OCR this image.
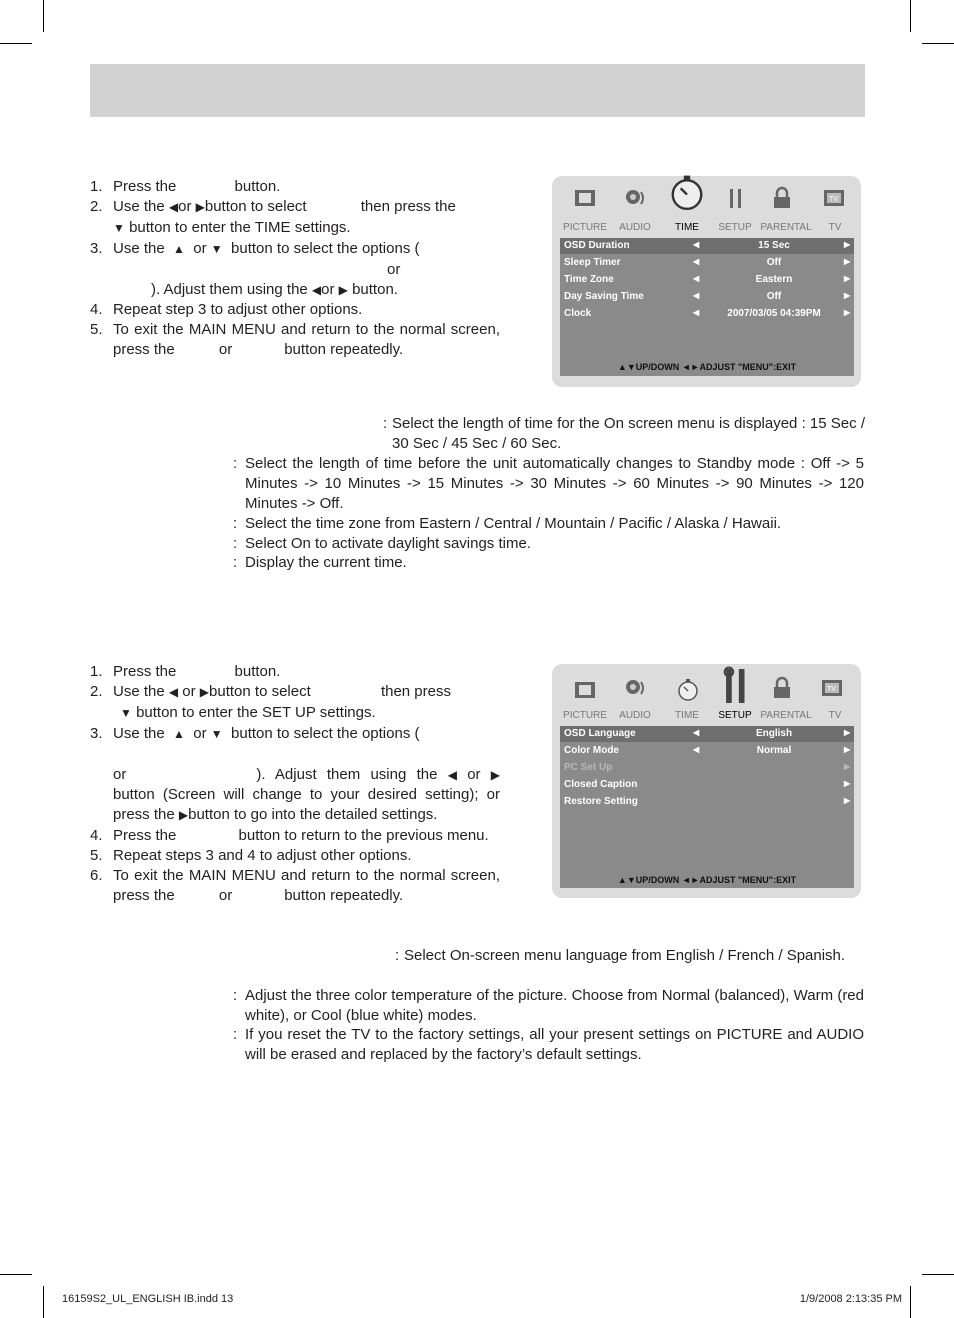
1. Press the	button.
2. Use the ◀or ▶button to select	then press the
▼ button to enter the TIME settings.
3. Use the  ▲ or ▼ button to select the options (
or
). Adjust them using the ◀or ▶ button.
4. Repeat step 3 to adjust other options.
5. To exit the MAIN MENU and return to the normal screen, press the	or	button repeatedly.
TV
PICTURE AUDIO TIME SETUP PARENTAL TV
OSD Duration	◀	15 Sec	▶
Sleep Timer	◀	Off	▶
Time Zone	◀	Eastern	▶
Day Saving Time	◀	Off	▶
Clock	◀	2007/03/05 04:39PM	▶
▲▼UP/DOWN ◄►ADJUST "MENU":EXIT
: Select the length of time for the On screen menu is displayed : 15 Sec / 30 Sec / 45 Sec / 60 Sec.
: Select the length of time before the unit automatically changes to Standby mode : Off -> 5 Minutes -> 10 Minutes -> 15 Minutes -> 30 Minutes -> 60 Minutes -> 90 Minutes -> 120 Minutes -> Off.
: Select the time zone from Eastern / Central / Mountain / Pacific / Alaska / Hawaii.
: Select On to activate daylight savings time.
: Display the current time.
1. Press the	button.
2. Use the ◀ or ▶button to select	then press
▼ button to enter the SET UP settings.
3. Use the  ▲ or ▼ button to select the options (

or	). Adjust them using the ◀ or ▶ button (Screen will change to your desired setting); or press the ▶button to go into the detailed settings.
4. Press the	button to return to the previous menu.
5. Repeat steps 3 and 4 to adjust other options.
6. To exit the MAIN MENU and return to the normal screen, press the	or	button repeatedly.
TV
PICTURE AUDIO TIME SETUP PARENTAL TV
OSD Language	◀	English	▶
Color Mode	◀	Normal	▶
PC Set Up	▶
Closed Caption	▶
Restore Setting	▶
▲▼UP/DOWN ◄►ADJUST "MENU":EXIT
: Select On-screen menu language from English / French / Spanish.
: Adjust the three color temperature of the picture. Choose from Normal (balanced), Warm (red white), or Cool (blue white) modes.
: If you reset the TV to the factory settings, all your present settings on PICTURE and AUDIO will be erased and replaced by the factory’s default settings.
16159S2_UL_ENGLISH IB.indd 13	1/9/2008 2:13:35 PM
